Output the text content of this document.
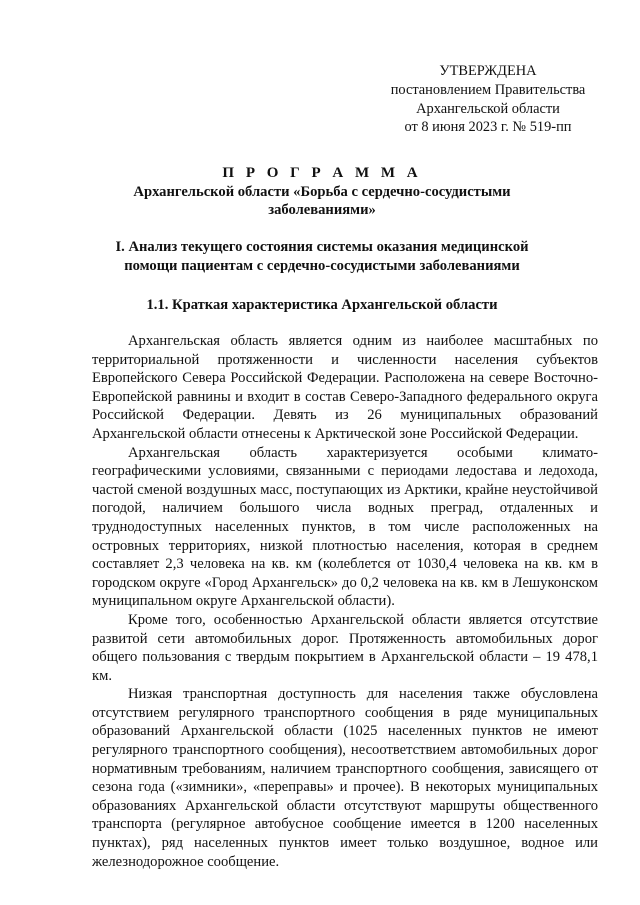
УТВЕРЖДЕНА
постановлением Правительства
Архангельской области
от 8 июня 2023 г. № 519-пп
П Р О Г Р А М М А
Архангельской области «Борьба с сердечно-сосудистыми
заболеваниями»
I. Анализ текущего состояния системы оказания медицинской
помощи пациентам с сердечно-сосудистыми заболеваниями
1.1. Краткая характеристика Архангельской области

Архангельская область является одним из наиболее масштабных по территориальной протяженности и численности населения субъектов Европейского Севера Российской Федерации. Расположена на севере Восточно-Европейской равнины и входит в состав Северо-Западного федерального округа Российской Федерации. Девять из 26 муниципальных образований Архангельской области отнесены к Арктической зоне Российской Федерации.

Архангельская область характеризуется особыми климато-географическими условиями, связанными с периодами ледостава и ледохода, частой сменой воздушных масс, поступающих из Арктики, крайне неустойчивой погодой, наличием большого числа водных преград, отдаленных и труднодоступных населенных пунктов, в том числе расположенных на островных территориях, низкой плотностью населения, которая в среднем составляет 2,3 человека на кв. км (колеблется от 1030,4 человека на кв. км в городском округе «Город Архангельск» до 0,2 человека на кв. км в Лешуконском муниципальном округе Архангельской области).

Кроме того, особенностью Архангельской области является отсутствие развитой сети автомобильных дорог. Протяженность автомобильных дорог общего пользования с твердым покрытием в Архангельской области – 19 478,1 км.

Низкая транспортная доступность для населения также обусловлена отсутствием регулярного транспортного сообщения в ряде муниципальных образований Архангельской области (1025 населенных пунктов не имеют регулярного транспортного сообщения), несоответствием автомобильных дорог нормативным требованиям, наличием транспортного сообщения, зависящего от сезона года («зимники», «переправы» и прочее). В некоторых муниципальных образованиях Архангельской области отсутствуют маршруты общественного транспорта (регулярное автобусное сообщение имеется в 1200 населенных пунктах), ряд населенных пунктов имеет только воздушное, водное или железнодорожное сообщение.
